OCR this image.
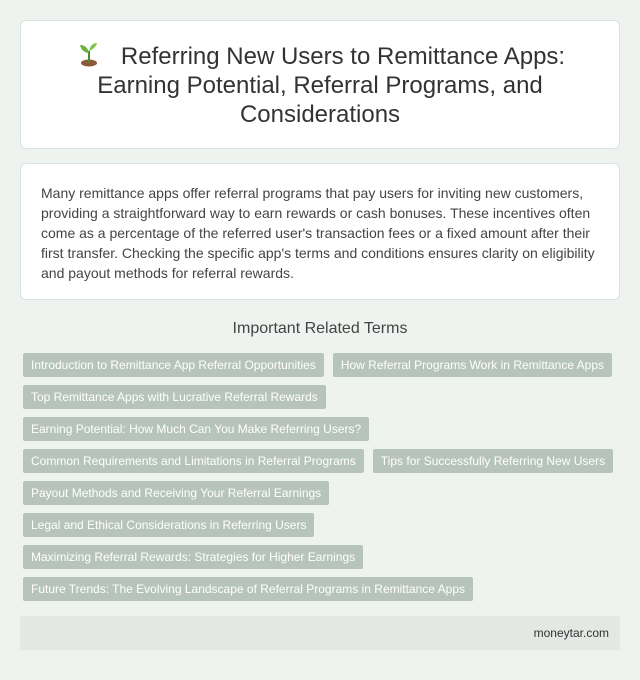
Referring New Users to Remittance Apps: Earning Potential, Referral Programs, and Considerations

Many remittance apps offer referral programs that pay users for inviting new customers, providing a straightforward way to earn rewards or cash bonuses. These incentives often come as a percentage of the referred user's transaction fees or a fixed amount after their first transfer. Checking the specific app's terms and conditions ensures clarity on eligibility and payout methods for referral rewards.

Important Related Terms
Introduction to Remittance App Referral Opportunities	How Referral Programs Work in Remittance Apps
Top Remittance Apps with Lucrative Referral Rewards
Earning Potential: How Much Can You Make Referring Users?
Common Requirements and Limitations in Referral Programs	Tips for Successfully Referring New Users
Payout Methods and Receiving Your Referral Earnings
Legal and Ethical Considerations in Referring Users
Maximizing Referral Rewards: Strategies for Higher Earnings
Future Trends: The Evolving Landscape of Referral Programs in Remittance Apps
moneytar.com
